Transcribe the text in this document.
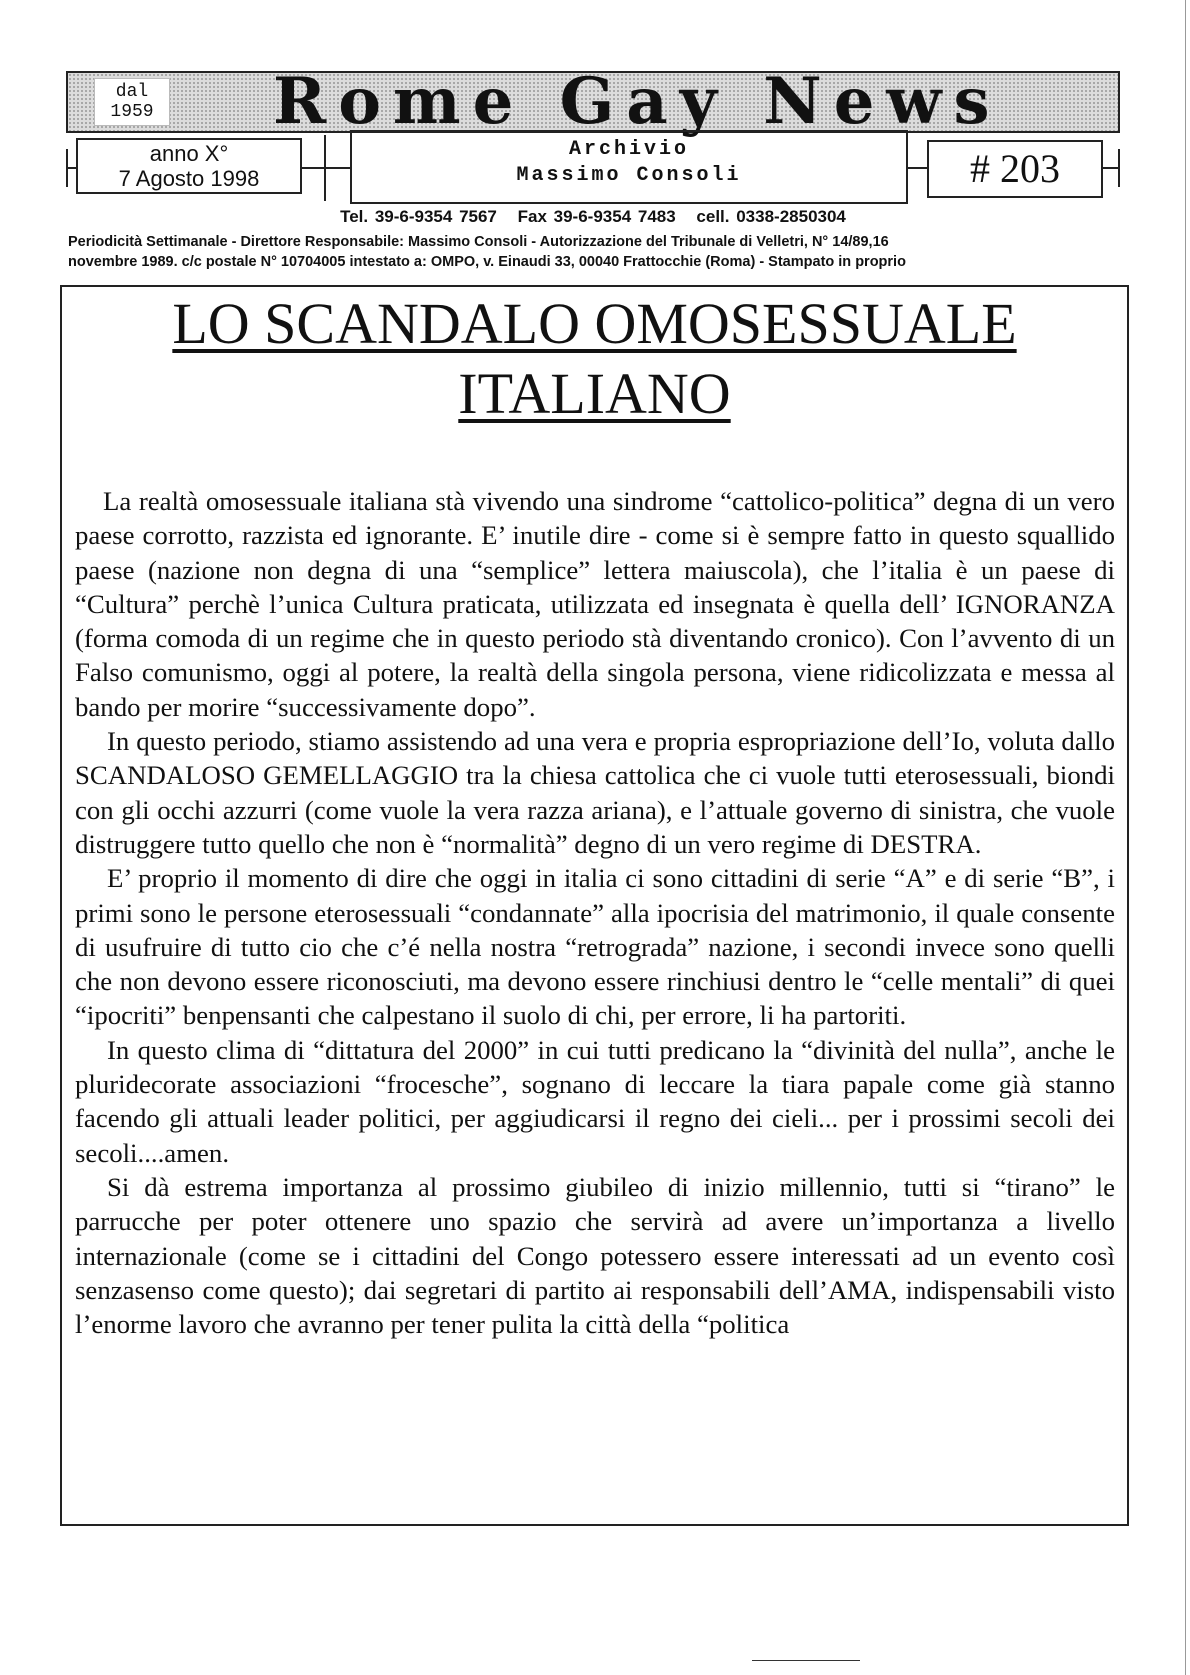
dal
1959 Rome Gay News
anno X°
7 Agosto 1998
Archivio
Massimo Consoli	# 203
Tel. 39-6-9354 7567 Fax 39-6-9354 7483 cell. 0338-2850304
Periodicità Settimanale - Direttore Responsabile: Massimo Consoli - Autorizzazione del Tribunale di Velletri, N° 14/89,16
novembre 1989. c/c postale N° 10704005 intestato a: OMPO, v. Einaudi 33, 00040 Frattocchie (Roma) - Stampato in proprio
LO SCANDALO OMOSESSUALE
ITALIANO

La realtà omosessuale italiana stà vivendo una sindrome “cattolico-politica” degna di un vero paese corrotto, razzista ed ignorante. E’ inutile dire - come si è sempre fatto in questo squallido paese (nazione non degna di una “semplice” lettera maiuscola), che l’italia è un paese di “Cultura” perchè l’unica Cultura praticata, utilizzata ed insegnata è quella dell’ IGNORANZA (forma comoda di un regime che in questo periodo stà diventando cronico). Con l’avvento di un Falso comunismo, oggi al potere, la realtà della singola persona, viene ridicolizzata e messa al bando per morire “successivamente dopo”.

In questo periodo, stiamo assistendo ad una vera e propria espropriazione dell’Io, voluta dallo SCANDALOSO GEMELLAGGIO tra la chiesa cattolica che ci vuole tutti eterosessuali, biondi con gli occhi azzurri (come vuole la vera razza ariana), e l’attuale governo di sinistra, che vuole distruggere tutto quello che non è “normalità” degno di un vero regime di DESTRA.

E’ proprio il momento di dire che oggi in italia ci sono cittadini di serie “A” e di serie “B”, i primi sono le persone eterosessuali “condannate” alla ipocrisia del matrimonio, il quale consente di usufruire di tutto cio che c’é nella nostra “retrograda” nazione, i secondi invece sono quelli che non devono essere riconosciuti, ma devono essere rinchiusi dentro le “celle mentali” di quei “ipocriti” benpensanti che calpestano il suolo di chi, per errore, li ha partoriti.

In questo clima di “dittatura del 2000” in cui tutti predicano la “divinità del nulla”, anche le pluridecorate associazioni “frocesche”, sognano di leccare la tiara papale come già stanno facendo gli attuali leader politici, per aggiudicarsi il regno dei cieli... per i prossimi secoli dei secoli....amen.

Si dà estrema importanza al prossimo giubileo di inizio millennio, tutti si “tirano” le parrucche per poter ottenere uno spazio che servirà ad avere un’importanza a livello internazionale (come se i cittadini del Congo potessero essere interessati ad un evento così senzasenso come questo); dai segretari di partito ai responsabili dell’AMA, indispensabili visto l’enorme lavoro che avranno per tener pulita la città della “politica
